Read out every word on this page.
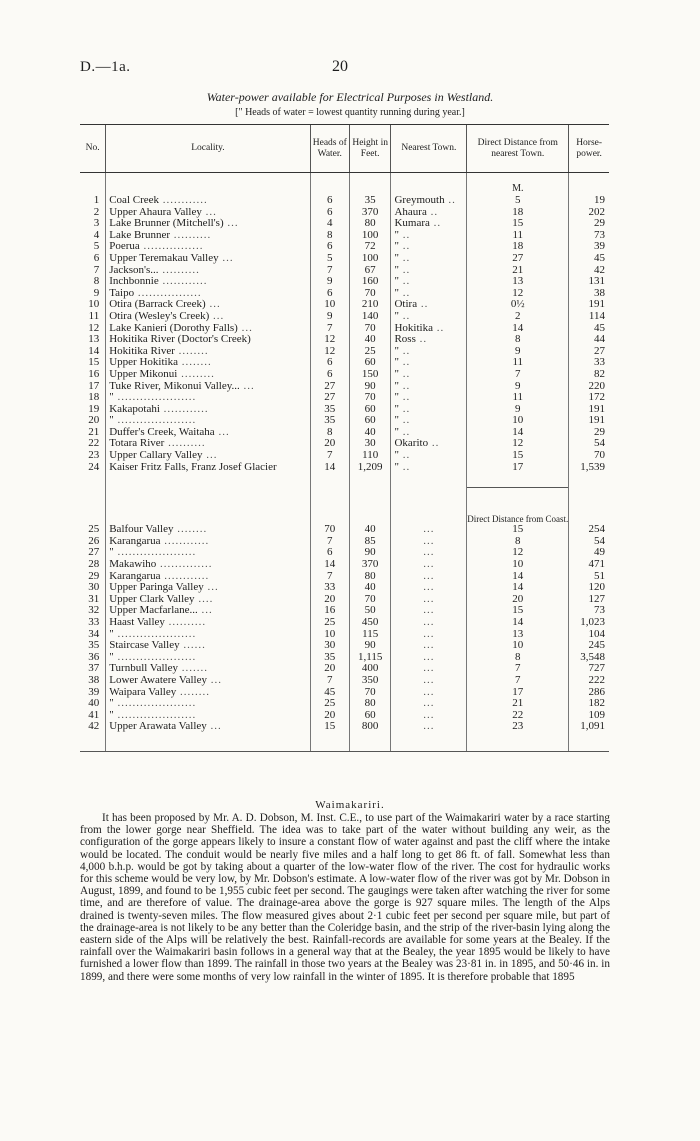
D.—1a.	20
Water-power available for Electrical Purposes in Westland.
[" Heads of water = lowest quantity running during year.]
No.	Locality.	Heads of Water.	Height in Feet.	Nearest Town.	Direct Distance from nearest Town.	Horse-power.
					M.	
1	Coal Creek ............	6	35	Greymouth ..	5	19
2	Upper Ahaura Valley ...	6	370	Ahaura ..	18	202
3	Lake Brunner (Mitchell's) ...	4	80	Kumara ..	15	29
4	Lake Brunner ..........	8	100	" ..	11	73
5	Poerua ................	6	72	" ..	18	39
6	Upper Teremakau Valley ...	5	100	" ..	27	45
7	Jackson's... ..........	7	67	" ..	21	42
8	Inchbonnie ............	9	160	" ..	13	131
9	Taipo .................	6	70	" ..	12	38
10	Otira (Barrack Creek) ...	10	210	Otira ..	0½	191
11	Otira (Wesley's Creek) ...	9	140	" ..	2	114
12	Lake Kanieri (Dorothy Falls) ...	7	70	Hokitika ..	14	45
13	Hokitika River (Doctor's Creek)	12	40	Ross ..	8	44
14	Hokitika River ........	12	25	" ..	9	27
15	Upper Hokitika ........	6	60	" ..	11	33
16	Upper Mikonui .........	6	150	" ..	7	82
17	Tuke River, Mikonui Valley... ...	27	90	" ..	9	220
18	" .....................	27	70	" ..	11	172
19	Kakapotahi ............	35	60	" ..	9	191
20	" .....................	35	60	" ..	10	191
21	Duffer's Creek, Waitaha ...	8	40	" ..	14	29
22	Totara River ..........	20	30	Okarito ..	12	54
23	Upper Callary Valley ...	7	110	" ..	15	70
24	Kaiser Fritz Falls, Franz Josef Glacier	14	1,209	" ..	17	1,539

					Direct Distance from Coast.	

25	Balfour Valley ........	70	40	...	15	254
26	Karangarua ............	7	85	...	8	54
27	" .....................	6	90	...	12	49
28	Makawiho ..............	14	370	...	10	471
29	Karangarua ............	7	80	...	14	51
30	Upper Paringa Valley ...	33	40	...	14	120
31	Upper Clark Valley ....	20	70	...	20	127
32	Upper Macfarlane... ...	16	50	...	15	73
33	Haast Valley ..........	25	450	...	14	1,023
34	" .....................	10	115	...	13	104
35	Staircase Valley ......	30	90	...	10	245
36	" .....................	35	1,115	...	8	3,548
37	Turnbull Valley .......	20	400	...	7	727
38	Lower Awatere Valley ...	7	350	...	7	222
39	Waipara Valley ........	45	70	...	17	286
40	" .....................	25	80	...	21	182
41	" .....................	20	60	...	22	109
42	Upper Arawata Valley ...	15	800	...	23	1,091

Waimakariri.

It has been proposed by Mr. A. D. Dobson, M. Inst. C.E., to use part of the Waimakariri water by a race starting from the lower gorge near Sheffield. The idea was to take part of the water without building any weir, as the configuration of the gorge appears likely to insure a constant flow of water against and past the cliff where the intake would be located. The conduit would be nearly five miles and a half long to get 86 ft. of fall. Somewhat less than 4,000 b.h.p. would be got by taking about a quarter of the low-water flow of the river. The cost for hydraulic works for this scheme would be very low, by Mr. Dobson's estimate. A low-water flow of the river was got by Mr. Dobson in August, 1899, and found to be 1,955 cubic feet per second. The gaugings were taken after watching the river for some time, and are therefore of value. The drainage-area above the gorge is 927 square miles. The length of the Alps drained is twenty-seven miles. The flow measured gives about 2·1 cubic feet per second per square mile, but part of the drainage-area is not likely to be any better than the Coleridge basin, and the strip of the river-basin lying along the eastern side of the Alps will be relatively the best. Rainfall-records are available for some years at the Bealey. If the rainfall over the Waimakariri basin follows in a general way that at the Bealey, the year 1895 would be likely to have furnished a lower flow than 1899. The rainfall in those two years at the Bealey was 23·81 in. in 1895, and 50·46 in. in 1899, and there were some months of very low rainfall in the winter of 1895. It is therefore probable that 1895
